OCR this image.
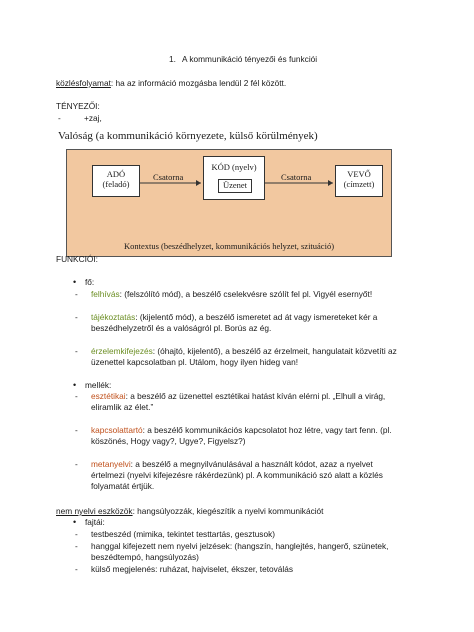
1. A kommunikáció tényezői és funkciói
közlésfolyamat: ha az információ mozgásba lendül 2 fél között.
TÉNYEZŐI:
-	+zaj,
Valóság (a kommunikáció környezete, külső körülmények)
ADÓ
(feladó)
Csatorna
KÓD (nyelv)
Üzenet
Csatorna	VEVŐ
(címzett)
Kontextus (beszédhelyzet, kommunikációs helyzet, szituáció)
FUNKCIÓI:
• fő:
- felhívás: (felszólító mód), a beszélő cselekvésre szólít fel pl. Vigyél esernyőt!
- tájékoztatás: (kijelentő mód), a beszélő ismeretet ad át vagy ismereteket kér a
beszédhelyzetről és a valóságról pl. Borús az ég.
- érzelemkifejezés: (óhajtó, kijelentő), a beszélő az érzelmeit, hangulatait közvetíti az
üzenettel kapcsolatban pl. Utálom, hogy ilyen hideg van!
• mellék:
- esztétikai: a beszélő az üzenettel esztétikai hatást kíván elérni pl. „Elhull a virág,
eliramlik az élet.”
- kapcsolattartó: a beszélő kommunikációs kapcsolatot hoz létre, vagy tart fenn. (pl.
köszönés, Hogy vagy?, Ugye?, Figyelsz?)
- metanyelvi: a beszélő a megnyilvánulásával a használt kódot, azaz a nyelvet
értelmezi (nyelvi kifejezésre rákérdezünk) pl. A kommunikáció szó alatt a közlés
folyamatát értjük.
nem nyelvi eszközök: hangsúlyozzák, kiegészítik a nyelvi kommunikációt
• fajtái:
- testbeszéd (mimika, tekintet testtartás, gesztusok)
- hanggal kifejezett nem nyelvi jelzések: (hangszín, hanglejtés, hangerő, szünetek,
beszédtempó, hangsúlyozás)
- külső megjelenés: ruházat, hajviselet, ékszer, tetoválás
